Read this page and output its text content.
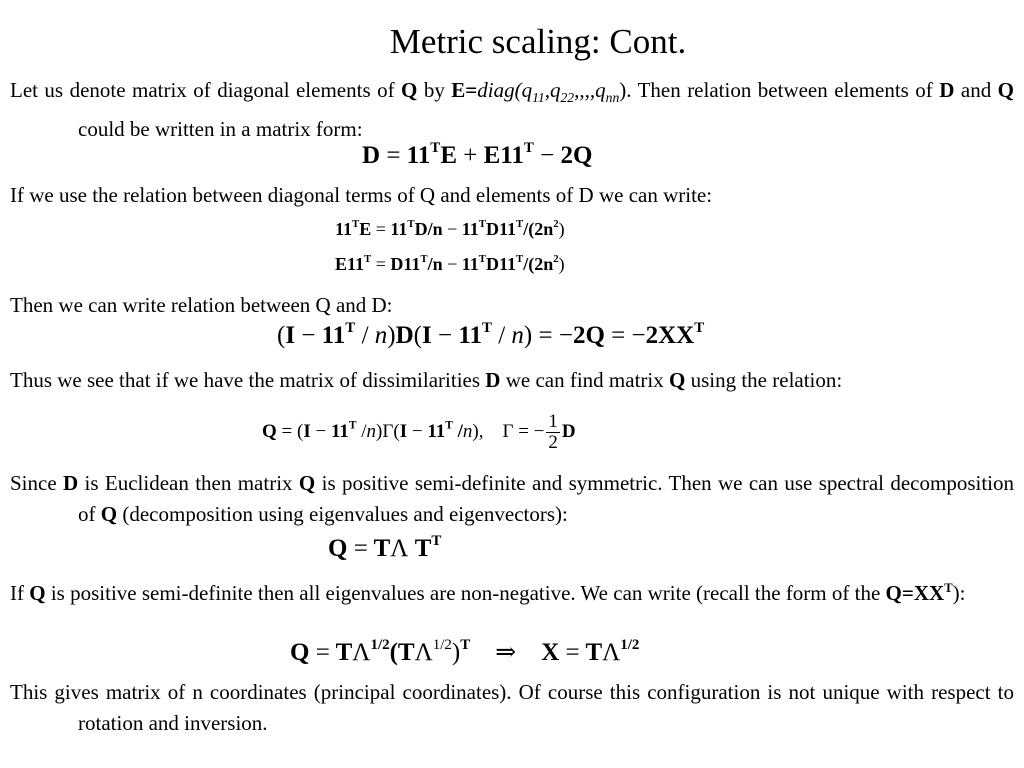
Metric scaling: Cont.
Let us denote matrix of diagonal elements of Q by $E=diag(q_{11},q_{22},,,,q_{nn})$. Then relation between elements of D and Q could be written in a matrix form:
$D = 11^TE + E11^T - 2Q$
If we use the relation between diagonal terms of Q and elements of D we can write:
$11^TE = 11^TD/n - 11^TD11^T/(2n^2)$
$E11^T = D11^T/n - 11^TD11^T/(2n^2)$
Then we can write relation between Q and D:
$(I - 11^T / n)D(I - 11^T / n) = -2Q = -2XX^T$
Thus we see that if we have the matrix of dissimilarities D we can find matrix Q using the relation:
$Q = (I - 11^T$ $/n)\Gamma(I - 11^T$ /n), Γ = − $\frac{1}{2}$ D
Since D is Euclidean then matrix Q is positive semi-definite and symmetric. Then we can use spectral decomposition of Q (decomposition using eigenvalues and eigenvectors):
Q = TΛ $T^T$
If Q is positive semi-definite then all eigenvalues are non-negative. We can write (recall the form of the $Q=XX^T$):
$Q = T\Lambda^{1/2}(T\Lambda^{1/2})^T$ ⇒    $X = T\Lambda^{1/2}$
This gives matrix of n coordinates (principal coordinates). Of course this configuration is not unique with respect to rotation and inversion.
